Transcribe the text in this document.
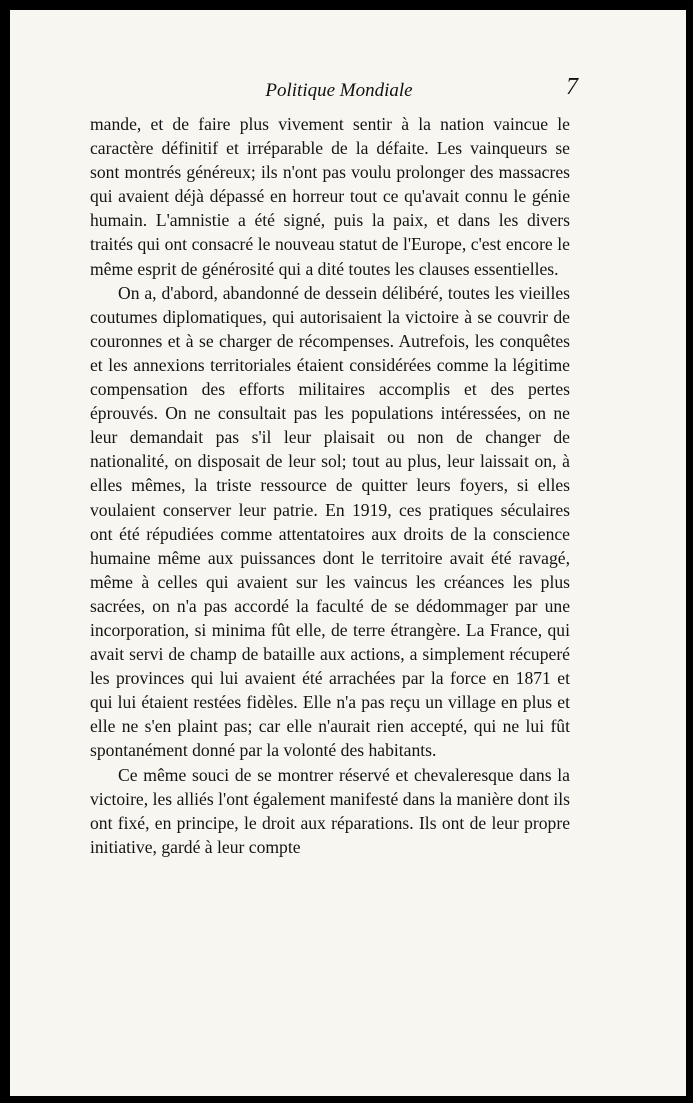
Politique Mondiale	7

mande, et de faire plus vivement sentir à la nation vaincue le caractère définitif et irréparable de la défaite. Les vainqueurs se sont montrés généreux; ils n'ont pas voulu prolonger des massacres qui avaient déjà dépassé en horreur tout ce qu'avait connu le génie humain. L'amnistie a été signé, puis la paix, et dans les divers traités qui ont consacré le nouveau statut de l'Europe, c'est encore le même esprit de générosité qui a dité toutes les clauses essentielles.

On a, d'abord, abandonné de dessein délibéré, toutes les vieilles coutumes diplomatiques, qui autorisaient la victoire à se couvrir de couronnes et à se charger de récompenses. Autrefois, les conquêtes et les annexions territoriales étaient considérées comme la légitime compensation des efforts militaires accomplis et des pertes éprouvés. On ne consultait pas les populations intéressées, on ne leur demandait pas s'il leur plaisait ou non de changer de nationalité, on disposait de leur sol; tout au plus, leur laissait on, à elles mêmes, la triste ressource de quitter leurs foyers, si elles voulaient conserver leur patrie. En 1919, ces pratiques séculaires ont été répudiées comme attentatoires aux droits de la conscience humaine même aux puissances dont le territoire avait été ravagé, même à celles qui avaient sur les vaincus les créances les plus sacrées, on n'a pas accordé la faculté de se dédommager par une incorporation, si minima fût elle, de terre étrangère. La France, qui avait servi de champ de bataille aux actions, a simplement récuperé les provinces qui lui avaient été arrachées par la force en 1871 et qui lui étaient restées fidèles. Elle n'a pas reçu un village en plus et elle ne s'en plaint pas; car elle n'aurait rien accepté, qui ne lui fût spontanément donné par la volonté des habitants.

Ce même souci de se montrer réservé et chevaleresque dans la victoire, les alliés l'ont également manifesté dans la manière dont ils ont fixé, en principe, le droit aux réparations. Ils ont de leur propre initiative, gardé à leur compte
